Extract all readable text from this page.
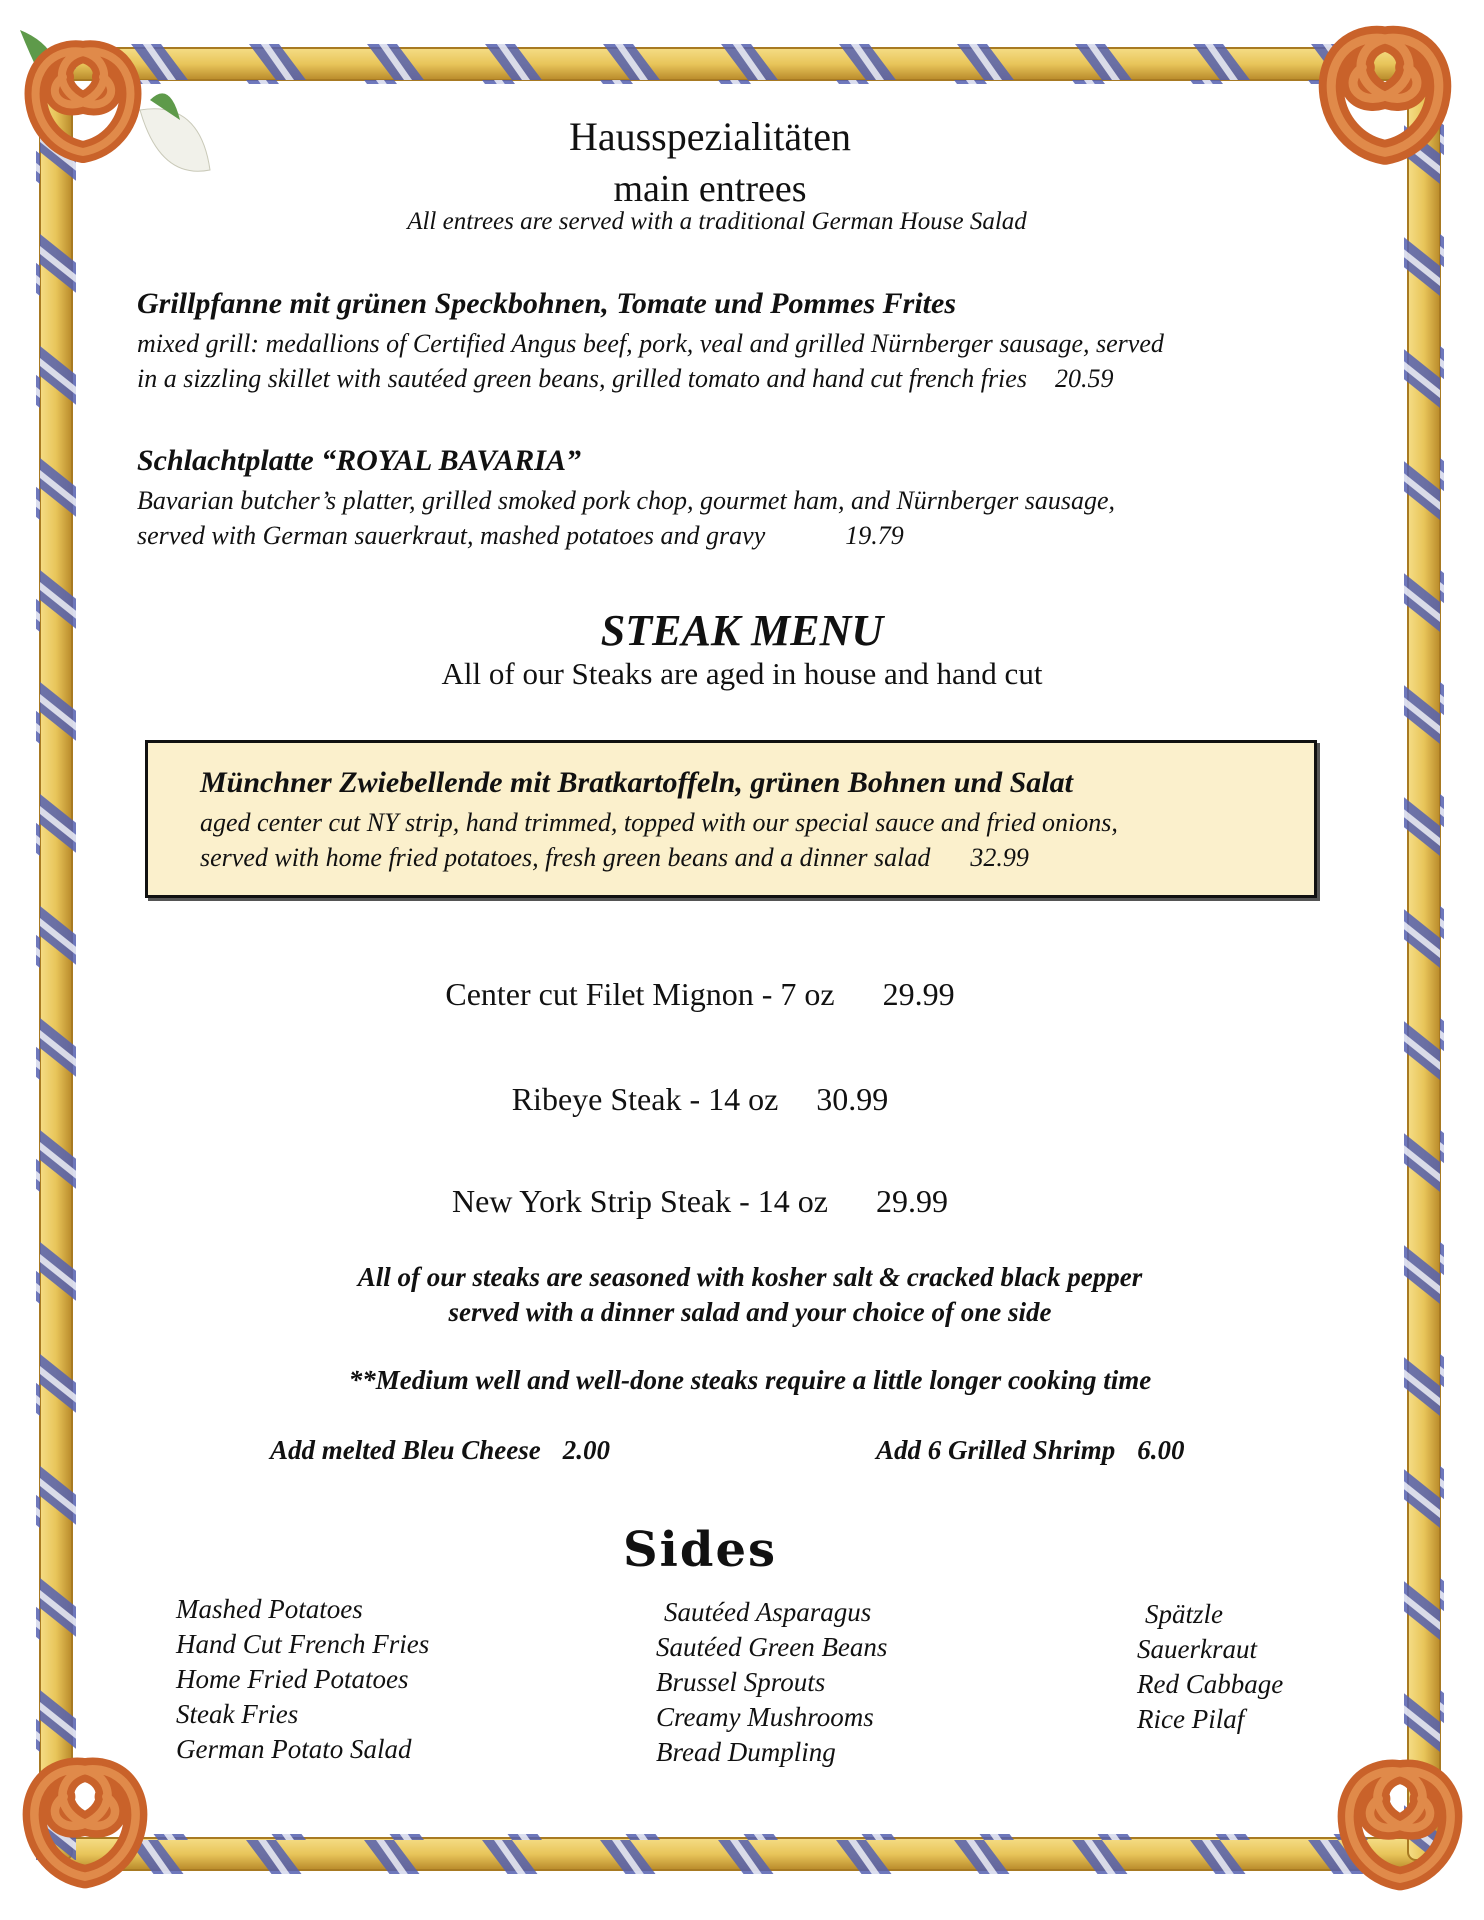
Hausspezialitäten
main entrees
All entrees are served with a traditional German House Salad
Grillpfanne mit grünen Speckbohnen, Tomate und Pommes Frites
mixed grill: medallions of Certified Angus beef, pork, veal and grilled Nürnberger sausage, served
in a sizzling skillet with sautéed green beans, grilled tomato and hand cut french fries 20.59
Schlachtplatte “ROYAL BAVARIA”
Bavarian butcher’s platter, grilled smoked pork chop, gourmet ham, and Nürnberger sausage,
served with German sauerkraut, mashed potatoes and gravy	19.79
STEAK MENU
All of our Steaks are aged in house and hand cut
Münchner Zwiebellende mit Bratkartoffeln, grünen Bohnen und Salat
aged center cut NY strip, hand trimmed, topped with our special sauce and fried onions,
served with home fried potatoes, fresh green beans and a dinner salad 32.99
Center cut Filet Mignon - 7 oz 29.99
Ribeye Steak - 14 oz 30.99
New York Strip Steak - 14 oz 29.99
All of our steaks are seasoned with kosher salt & cracked black pepper
served with a dinner salad and your choice of one side
**Medium well and well-done steaks require a little longer cooking time
Add melted Bleu Cheese 2.00	Add 6 Grilled Shrimp 6.00
Sides
Mashed Potatoes
Hand Cut French Fries
Home Fried Potatoes
Steak Fries
German Potato Salad
Sautéed Asparagus
Sautéed Green Beans
Brussel Sprouts
Creamy Mushrooms
Bread Dumpling
Spätzle
Sauerkraut
Red Cabbage
Rice Pilaf
